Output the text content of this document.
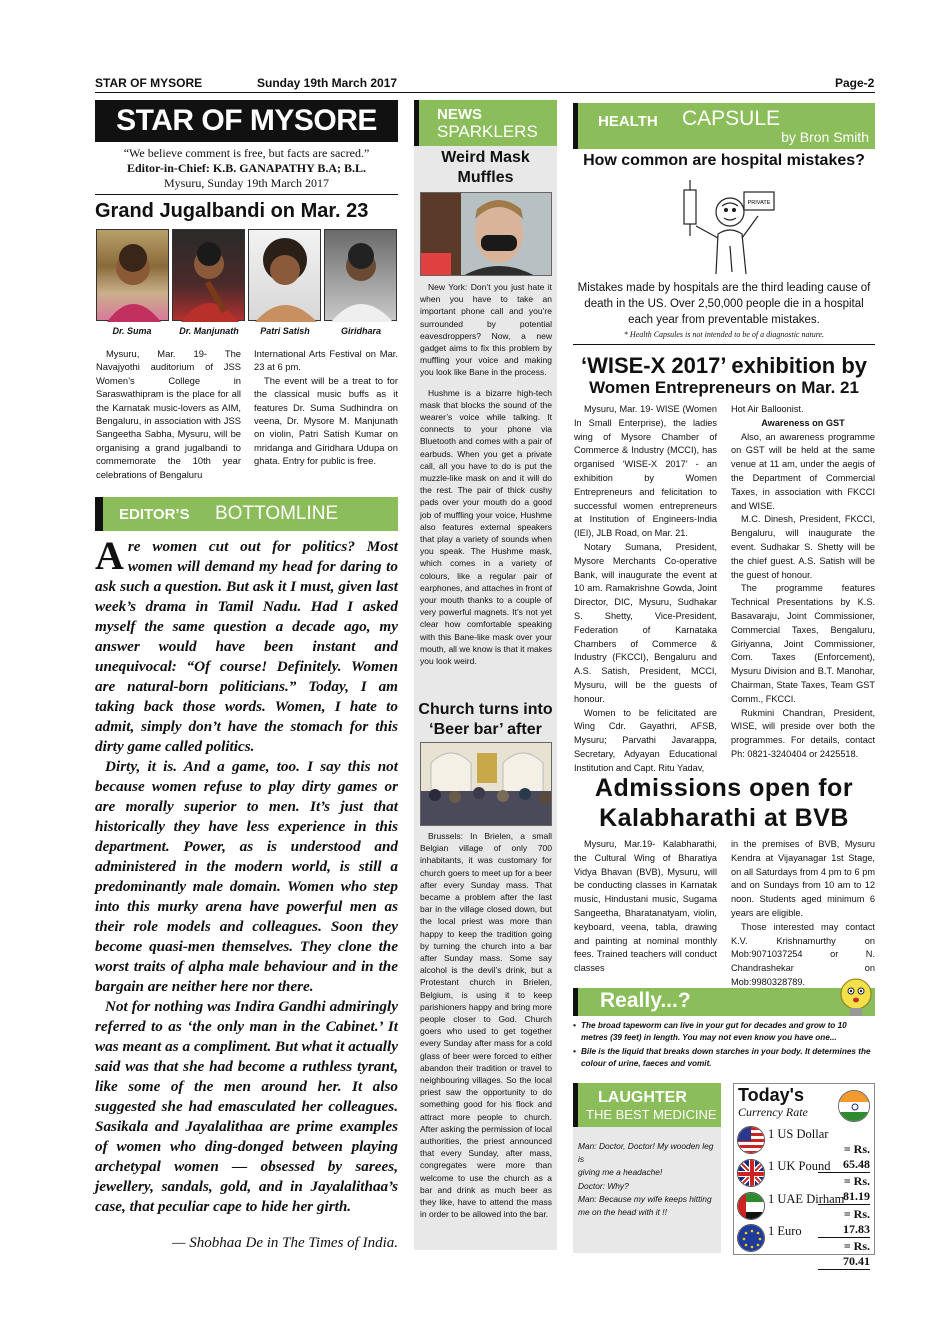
STAR OF MYSORE	Sunday 19th March 2017	Page-2
STAR OF MYSORE
“We believe comment is free, but facts are sacred.”
Editor-in-Chief: K.B. GANAPATHY B.A; B.L.
Mysuru, Sunday 19th March 2017
Grand Jugalbandi on Mar. 23
Dr. Suma	Dr. Manjunath	Patri Satish	Giridhara

Mysuru, Mar. 19- The Navajyothi auditorium of JSS Women’s College in Saraswathipram is the place for all the Karnatak music-lovers as AIM, Bengaluru, in association with JSS Sangeetha Sabha, Mysuru, will be organising a grand jugalbandi to commemorate the 10th year celebrations of Bengaluru

International Arts Festival on Mar. 23 at 6 pm.

The event will be a treat to for the classical music buffs as it features Dr. Suma Sudhindra on veena, Dr. Mysore M. Manjunath on violin, Patri Satish Kumar on mridanga and Giridhara Udupa on ghata. Entry for public is free.

EDITOR’S BOTTOMLINE

Are women cut out for politics? Most women will demand my head for daring to ask such a question. But ask it I must, given last week’s drama in Tamil Nadu. Had I asked myself the same question a decade ago, my answer would have been instant and unequivocal: “Of course! Definitely. Women are natural-born politicians.” Today, I am taking back those words. Women, I hate to admit, simply don’t have the stomach for this dirty game called politics.

Dirty, it is. And a game, too. I say this not because women refuse to play dirty games or are morally superior to men. It’s just that historically they have less experience in this department. Power, as is understood and administered in the modern world, is still a predominantly male domain. Women who step into this murky arena have powerful men as their role models and colleagues. Soon they become quasi-men themselves. They clone the worst traits of alpha male behaviour and in the bargain are neither here nor there.

Not for nothing was Indira Gandhi admiringly referred to as ‘the only man in the Cabinet.’ It was meant as a compliment. But what it actually said was that she had become a ruthless tyrant, like some of the men around her. It also suggested she had emasculated her colleagues. Sasikala and Jayalalithaa are prime examples of women who ding-donged between playing archetypal women — obsessed by sarees, jewellery, sandals, gold, and in Jayalalithaa’s case, that peculiar cape to hide her girth.

— Shobhaa De in The Times of India.
NEWS
SPARKLERS
Weird Mask
Muffles

New York: Don’t you just hate it when you have to take an important phone call and you’re surrounded by potential eavesdroppers? Now, a new gadget aims to fix this problem by muffling your voice and making you look like Bane in the process.

Hushme is a bizarre high-tech mask that blocks the sound of the wearer’s voice while talking. It connects to your phone via Bluetooth and comes with a pair of earbuds. When you get a private call, all you have to do is put the muzzle-like mask on and it will do the rest. The pair of thick cushy pads over your mouth do a good job of muffling your voice, Hushme also features external speakers that play a variety of sounds when you speak. The Hushme mask, which comes in a variety of colours, like a regular pair of earphones, and attaches in front of your mouth thanks to a couple of very powerful magnets. It’s not yet clear how comfortable speaking with this Bane-like mask over your mouth, all we know is that it makes you look weird.

Church turns into
‘Beer bar’ after

Brussels: In Brielen, a small Belgian village of only 700 inhabitants, it was customary for church goers to meet up for a beer after every Sunday mass. That became a problem after the last bar in the village closed down, but the local priest was more than happy to keep the tradition going by turning the church into a bar after Sunday mass. Some say alcohol is the devil’s drink, but a Protestant church in Brielen, Belgium, is using it to keep parishioners happy and bring more people closer to God. Church goers who used to get together every Sunday after mass for a cold glass of beer were forced to either abandon their tradition or travel to neighbouring villages. So the local priest saw the opportunity to do something good for his flock and attract more people to church. After asking the permission of local authorities, the priest announced that every Sunday, after mass, congregates were more than welcome to use the church as a bar and drink as much beer as they like, have to attend the mass in order to be allowed into the bar.

HEALTH CAPSULE
by Bron Smith
How common are hospital mistakes?
PRIVATE
Mistakes made by hospitals are the third leading cause of death in the US. Over 2,50,000 people die in a hospital each year from preventable mistakes.
* Health Capsules is not intended to be of a diagnostic nature.
‘WISE-X 2017’ exhibition by
Women Entrepreneurs on Mar. 21

Mysuru, Mar. 19- WISE (Women In Small Enterprise), the ladies wing of Mysore Chamber of Commerce & Industry (MCCI), has organised ‘WISE-X 2017’ - an exhibition by Women Entrepreneurs and felicitation to successful women entrepreneurs at Institution of Engineers-India (IEI), JLB Road, on Mar. 21.

Notary Sumana, President, Mysore Merchants Co-operative Bank, will inaugurate the event at 10 am. Ramakrishne Gowda, Joint Director, DIC, Mysuru, Sudhakar S. Shetty, Vice-President, Federation of Karnataka Chambers of Commerce & Industry (FKCCI), Bengaluru and A.S. Satish, President, MCCI, Mysuru, will be the guests of honour.

Women to be felicitated are Wing Cdr. Gayathri, AFSB, Mysuru; Parvathi Javarappa, Secretary, Adyayan Educational Institution and Capt. Ritu Yadav,

Hot Air Balloonist.

Awareness on GST

Also, an awareness programme on GST will be held at the same venue at 11 am, under the aegis of the Department of Commercial Taxes, in association with FKCCI and WISE.

M.C. Dinesh, President, FKCCI, Bengaluru, will inaugurate the event. Sudhakar S. Shetty will be the chief guest. A.S. Satish will be the guest of honour.

The programme features Technical Presentations by K.S. Basavaraju, Joint Commissioner, Commercial Taxes, Bengaluru, Giriyanna, Joint Commissioner, Com. Taxes (Enforcement), Mysuru Division and B.T. Manohar, Chairman, State Taxes, Team GST Comm., FKCCI.

Rukmini Chandran, President, WISE, will preside over both the programmes. For details, contact Ph: 0821-3240404 or 2425518.

Admissions open for
Kalabharathi at BVB

Mysuru, Mar.19- Kalabharathi, the Cultural Wing of Bharatiya Vidya Bhavan (BVB), Mysuru, will be conducting classes in Karnatak music, Hindustani music, Sugama Sangeetha, Bharatanatyam, violin, keyboard, veena, tabla, drawing and painting at nominal monthly fees. Trained teachers will conduct classes

in the premises of BVB, Mysuru Kendra at Vijayanagar 1st Stage, on all Saturdays from 4 pm to 6 pm and on Sundays from 10 am to 12 noon. Students aged minimum 6 years are eligible.

Those interested may contact K.V. Krishnamurthy on Mob:9071037254 or N. Chandrashekar on Mob:9980328789.

Really...?
• The broad tapeworm can live in your gut for decades and grow to 10 metres (39 feet) in length. You may not even know you have one...
• Bile is the liquid that breaks down starches in your body. It determines the colour of urine, faeces and vomit.
LAUGHTER
THE BEST MEDICINE
Man: Doctor, Doctor! My wooden leg is
giving me a headache!
Doctor: Why?
Man: Because my wife keeps hitting me on the head with it !!
Today's
Currency Rate
1 US Dollar
= Rs. 65.48
1 UK Pound
= Rs. 81.19
1 UAE Dirham
= Rs. 17.83
1 Euro
= Rs. 70.41
